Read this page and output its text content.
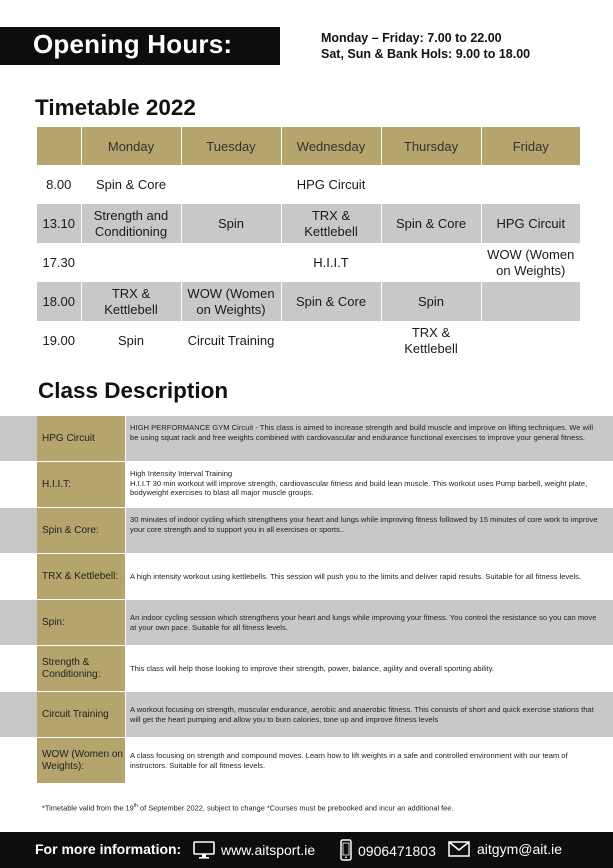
Opening Hours:	Monday – Friday: 7.00 to 22.00
Sat, Sun & Bank Hols: 9.00 to 18.00
Timetable 2022
	Monday	Tuesday	Wednesday	Thursday	Friday
8.00	Spin & Core		HPG Circuit		
13.10	Strength and Conditioning	Spin	TRX & Kettlebell	Spin & Core	HPG Circuit
17.30			H.I.I.T		WOW (Women on Weights)
18.00	TRX & Kettlebell	WOW (Women on Weights)	Spin & Core	Spin	
19.00	Spin	Circuit Training		TRX & Kettlebell	
Class Description
HPG Circuit
HIGH PERFORMANCE GYM Circuit - This class is aimed to increase strength and build muscle and improve on lifting techniques. We will be using squat rack and free weights combined with cardiovascular and endurance functional exercises to improve your general fitness.
H.I.I.T:
High Intensity Interval Training
H.I.I.T 30 min workout will improve strength, cardiovascular fitness and build lean muscle. This workout uses Pump barbell, weight plate, bodyweight exercises to blast all major muscle groups.
Spin & Core:
30 minutes of indoor cycling which strengthens your heart and lungs while improving fitness followed by 15 minutes of core work to improve your core strength and to support you in all exercises or sports..
TRX & Kettlebell:	A high intensity workout using kettlebells. This session will push you to the limits and deliver rapid results. Suitable for all fitness levels.
Spin:	An indoor cycling session which strengthens your heart and lungs while improving your fitness. You control the resistance so you can move at your own pace. Suitable for all fitness levels.
Strength & Conditioning:
This class will help those looking to improve their strength, power, balance, agility and overall sporting ability.
Circuit Training	A workout focusing on strength, muscular endurance, aerobic and anaerobic fitness. This consists of short and quick exercise stations that will get the heart pumping and allow you to burn calories, tone up and improve fitness levels
WOW (Women on Weights):
A class focusing on strength and compound moves. Learn how to lift weights in a safe and controlled environment with our team of instructors. Suitable for all fitness levels.
*Timetable valid from the 19th of September 2022, subject to change *Courses must be prebooked and incur an additional fee.
For more information:	www.aitsport.ie	0906471803	aitgym@ait.ie
